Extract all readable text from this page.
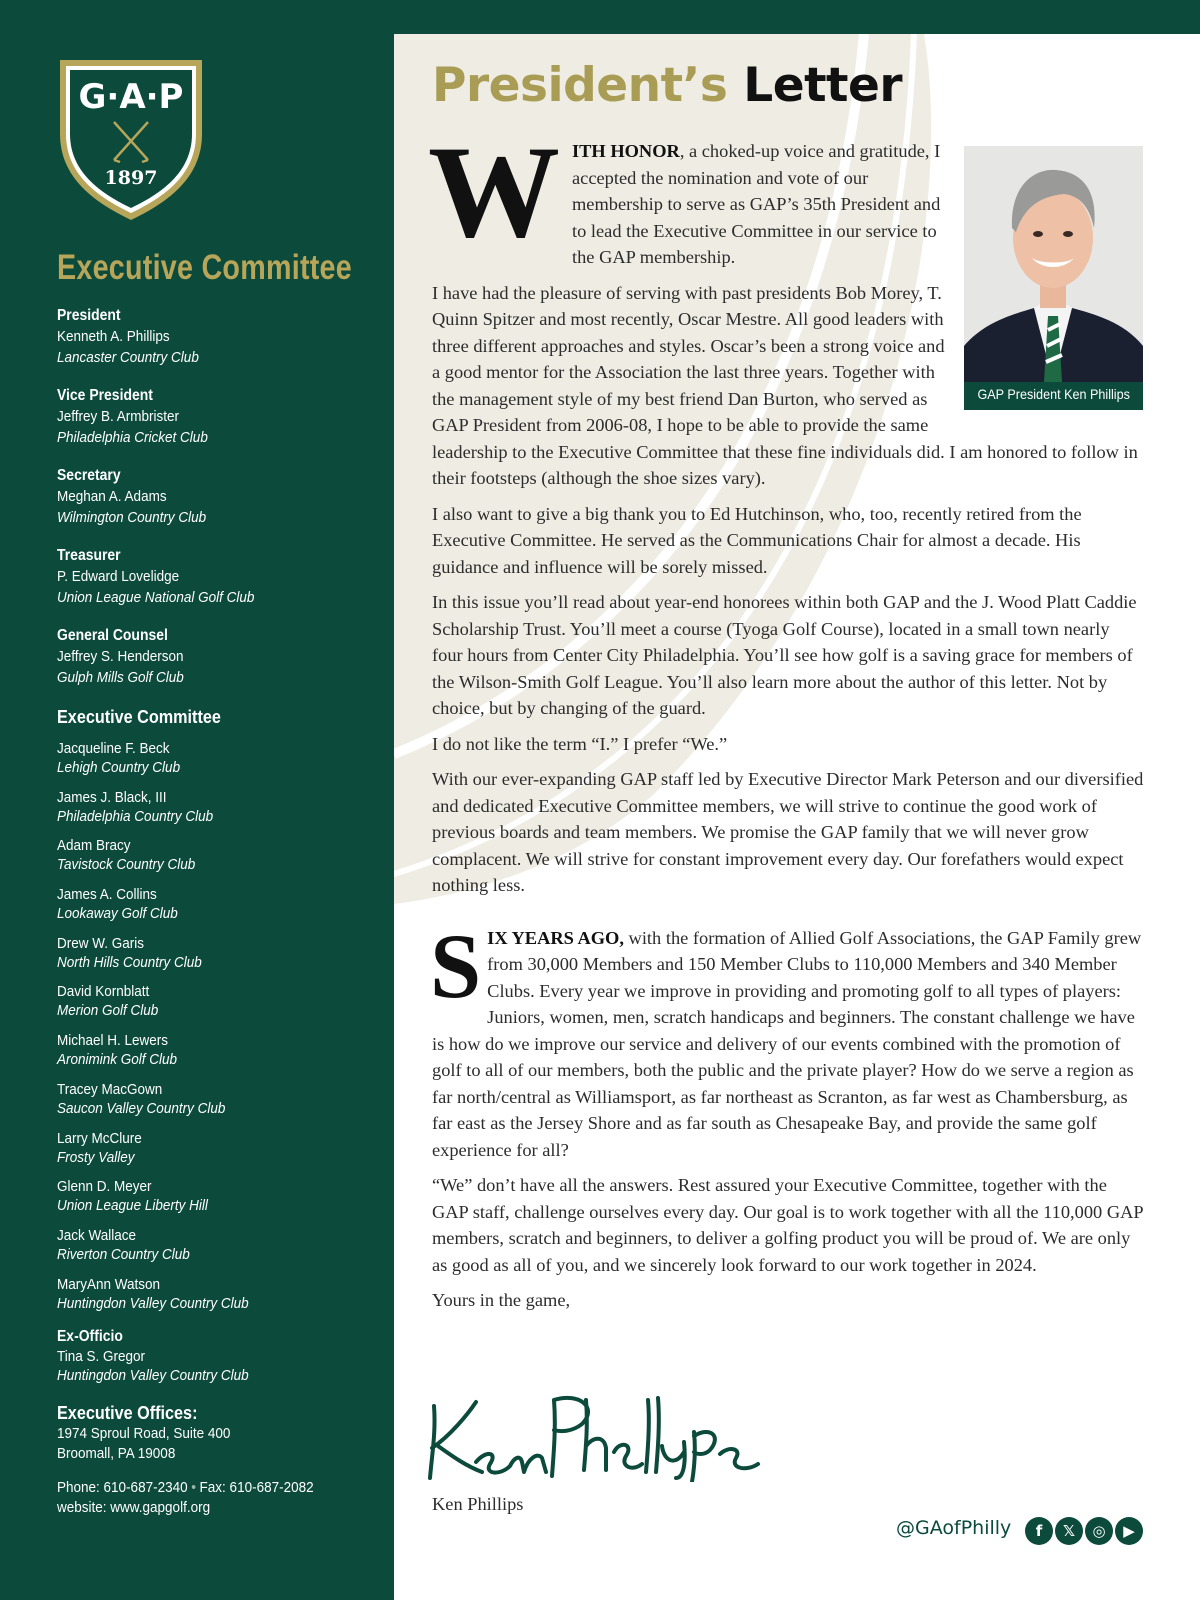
G·A·P
1897
Executive Committee
President
Kenneth A. Phillips
Lancaster Country Club
Vice President
Jeffrey B. Armbrister
Philadelphia Cricket Club
Secretary
Meghan A. Adams
Wilmington Country Club
Treasurer
P. Edward Lovelidge
Union League National Golf Club
General Counsel
Jeffrey S. Henderson
Gulph Mills Golf Club
Executive Committee
Jacqueline F. Beck
Lehigh Country Club
James J. Black, III
Philadelphia Country Club
Adam Bracy
Tavistock Country Club
James A. Collins
Lookaway Golf Club
Drew W. Garis
North Hills Country Club
David Kornblatt
Merion Golf Club
Michael H. Lewers
Aronimink Golf Club
Tracey MacGown
Saucon Valley Country Club
Larry McClure
Frosty Valley
Glenn D. Meyer
Union League Liberty Hill
Jack Wallace
Riverton Country Club
MaryAnn Watson
Huntingdon Valley Country Club
Ex-Officio
Tina S. Gregor
Huntingdon Valley Country Club
Executive Offices:
1974 Sproul Road, Suite 400
Broomall, PA 19008
Phone: 610-687-2340 • Fax: 610-687-2082
website: www.gapgolf.org
President’s Letter
GAP President Ken Phillips

WITH HONOR, a choked-up voice and gratitude, I accepted the nomination and vote of our membership to serve as GAP’s 35th President and to lead the Executive Committee in our service to the GAP membership.

I have had the pleasure of serving with past presidents Bob Morey, T. Quinn Spitzer and most recently, Oscar Mestre. All good leaders with three different approaches and styles. Oscar’s been a strong voice and a good mentor for the Association the last three years. Together with the management style of my best friend Dan Burton, who served as GAP President from 2006-08, I hope to be able to provide the same leadership to the Executive Committee that these fine individuals did. I am honored to follow in their footsteps (although the shoe sizes vary).

I also want to give a big thank you to Ed Hutchinson, who, too, recently retired from the Executive Committee. He served as the Communications Chair for almost a decade. His guidance and influence will be sorely missed.

In this issue you’ll read about year-end honorees within both GAP and the J. Wood Platt Caddie Scholarship Trust. You’ll meet a course (Tyoga Golf Course), located in a small town nearly four hours from Center City Philadelphia. You’ll see how golf is a saving grace for members of the Wilson-Smith Golf League. You’ll also learn more about the author of this letter. Not by choice, but by changing of the guard.

I do not like the term “I.” I prefer “We.”

With our ever-expanding GAP staff led by Executive Director Mark Peterson and our diversified and dedicated Executive Committee members, we will strive to continue the good work of previous boards and team members. We promise the GAP family that we will never grow complacent. We will strive for constant improvement every day. Our forefathers would expect nothing less.

SIX YEARS AGO, with the formation of Allied Golf Associations, the GAP Family grew from 30,000 Members and 150 Member Clubs to 110,000 Members and 340 Member Clubs. Every year we improve in providing and promoting golf to all types of players: Juniors, women, men, scratch handicaps and beginners. The constant challenge we have is how do we improve our service and delivery of our events combined with the promotion of golf to all of our members, both the public and the private player? How do we serve a region as far north/central as Williamsport, as far northeast as Scranton, as far west as Chambersburg, as far east as the Jersey Shore and as far south as Chesapeake Bay, and provide the same golf experience for all?

“We” don’t have all the answers. Rest assured your Executive Committee, together with the GAP staff, challenge ourselves every day. Our goal is to work together with all the 110,000 GAP members, scratch and beginners, to deliver a golfing product you will be proud of. We are only as good as all of you, and we sincerely look forward to our work together in 2024.

Yours in the game,

Ken Phillips
@GAofPhilly	f	𝕏	◎	▶
